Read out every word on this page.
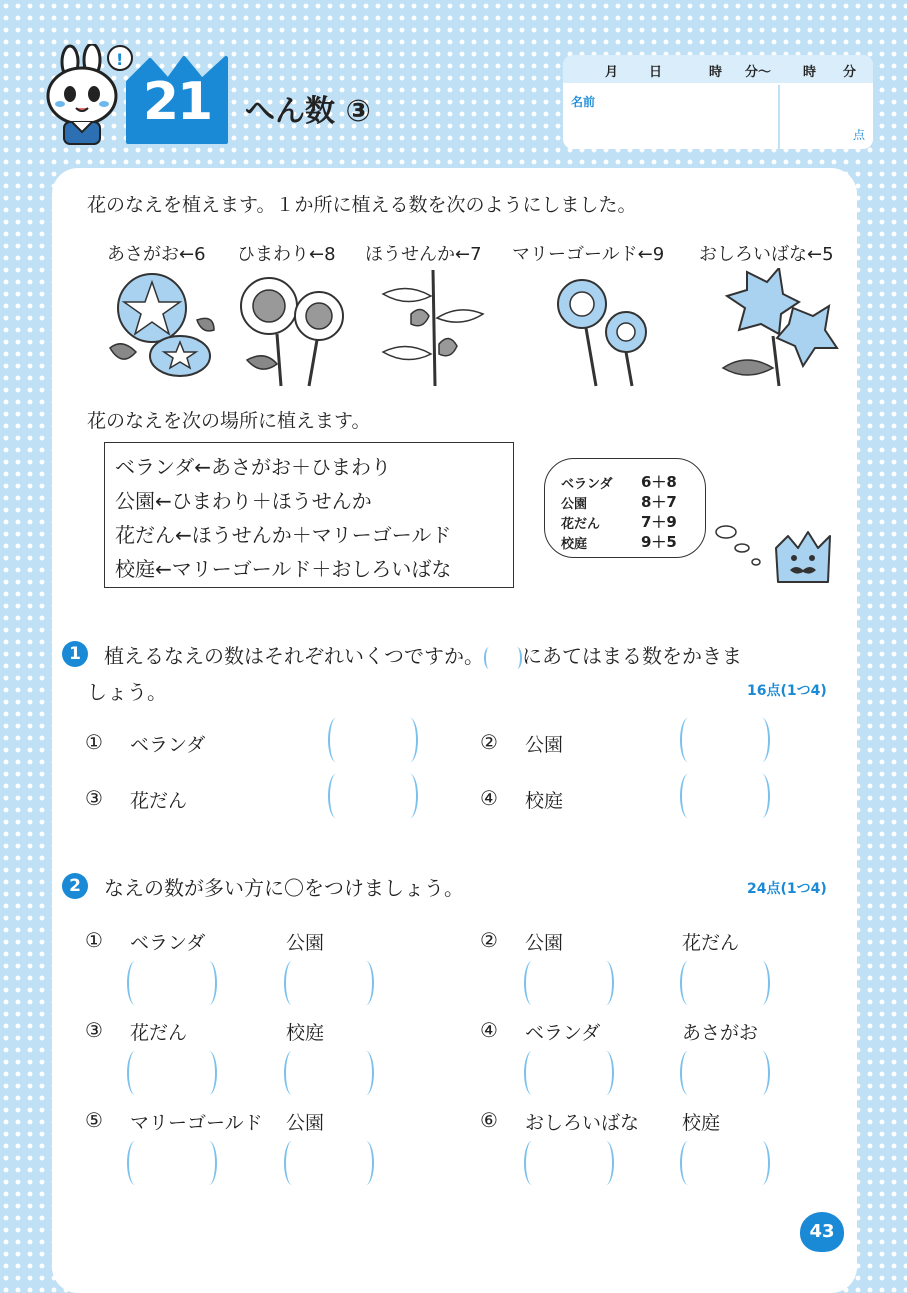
!
21	へん数 ③
月 日	時 分〜 時 分
名前
点
花のなえを植えます。１か所に植える数を次のようにしました。
あさがお←6 ひまわり←8 ほうせんか←7 マリーゴールド←9 おしろいばな←5
花のなえを次の場所に植えます。
ベランダ←あさがお＋ひまわり
公園←ひまわり＋ほうせんか
花だん←ほうせんか＋マリーゴールド
校庭←マリーゴールド＋おしろいばな
ベランダ 6＋8
公園	8＋7
花だん	7＋9
校庭	9＋5
1	植えるなえの数はそれぞれいくつですか。 にあてはまる数をかきま
しょう。	16点(1つ4)
① ベランダ	② 公園
③ 花だん	④ 校庭
2	なえの数が多い方に〇をつけましょう。	24点(1つ4)
① ベランダ	公園	② 公園	花だん
③ 花だん	校庭	④ ベランダ	あさがお
⑤ マリーゴールド 公園	⑥ おしろいばな 校庭
43
